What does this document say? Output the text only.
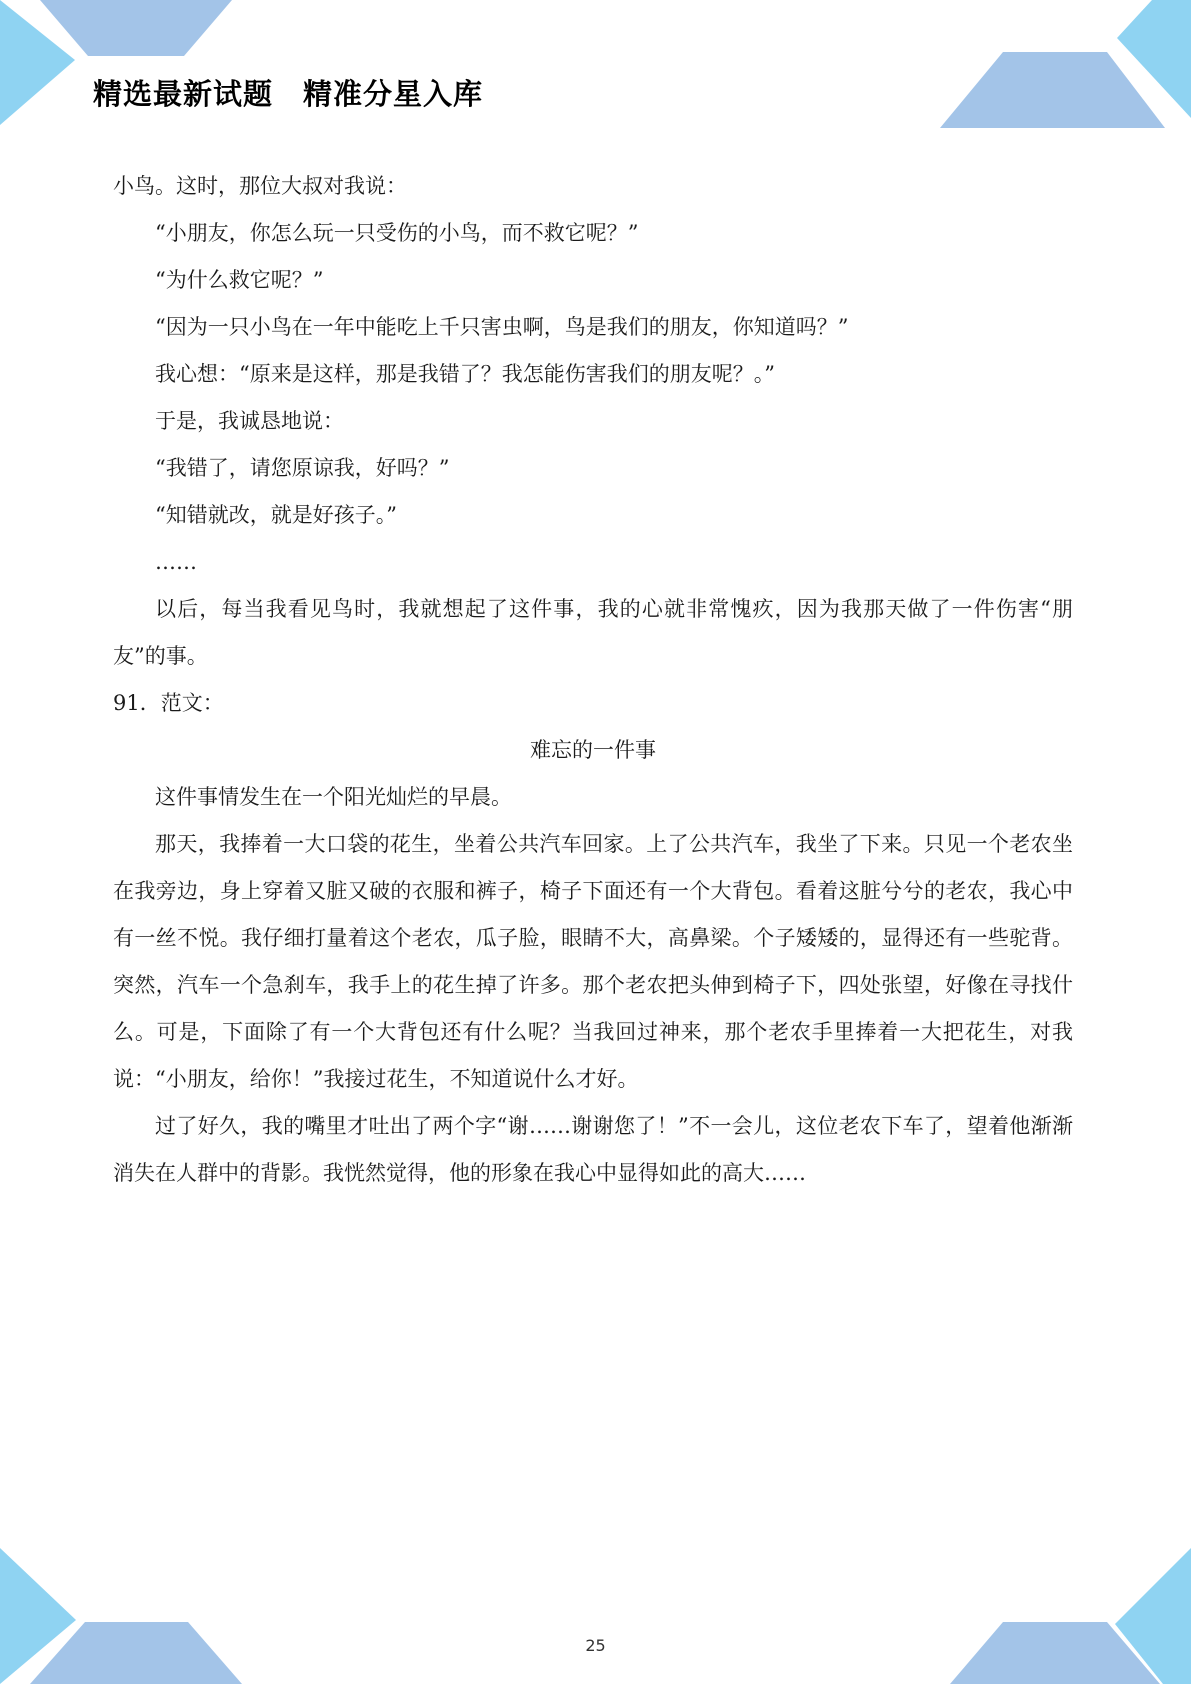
精选最新试题　精准分星入库

小鸟。这时，那位大叔对我说：

“小朋友，你怎么玩一只受伤的小鸟，而不救它呢？”

“为什么救它呢？”

“因为一只小鸟在一年中能吃上千只害虫啊，鸟是我们的朋友，你知道吗？”

我心想：“原来是这样，那是我错了？我怎能伤害我们的朋友呢？。”

于是，我诚恳地说：

“我错了，请您原谅我，好吗？”

“知错就改，就是好孩子。”

……

以后，每当我看见鸟时，我就想起了这件事，我的心就非常愧疚，因为我那天做了一件伤害“朋友”的事。

91．范文：

难忘的一件事

这件事情发生在一个阳光灿烂的早晨。

那天，我捧着一大口袋的花生，坐着公共汽车回家。上了公共汽车，我坐了下来。只见一个老农坐在我旁边，身上穿着又脏又破的衣服和裤子，椅子下面还有一个大背包。看着这脏兮兮的老农，我心中有一丝不悦。我仔细打量着这个老农，瓜子脸，眼睛不大，高鼻梁。个子矮矮的，显得还有一些驼背。突然，汽车一个急刹车，我手上的花生掉了许多。那个老农把头伸到椅子下，四处张望，好像在寻找什么。可是，下面除了有一个大背包还有什么呢？当我回过神来，那个老农手里捧着一大把花生，对我说：“小朋友，给你！”我接过花生，不知道说什么才好。

过了好久，我的嘴里才吐出了两个字“谢……谢谢您了！”不一会儿，这位老农下车了，望着他渐渐消失在人群中的背影。我恍然觉得，他的形象在我心中显得如此的高大……

25
